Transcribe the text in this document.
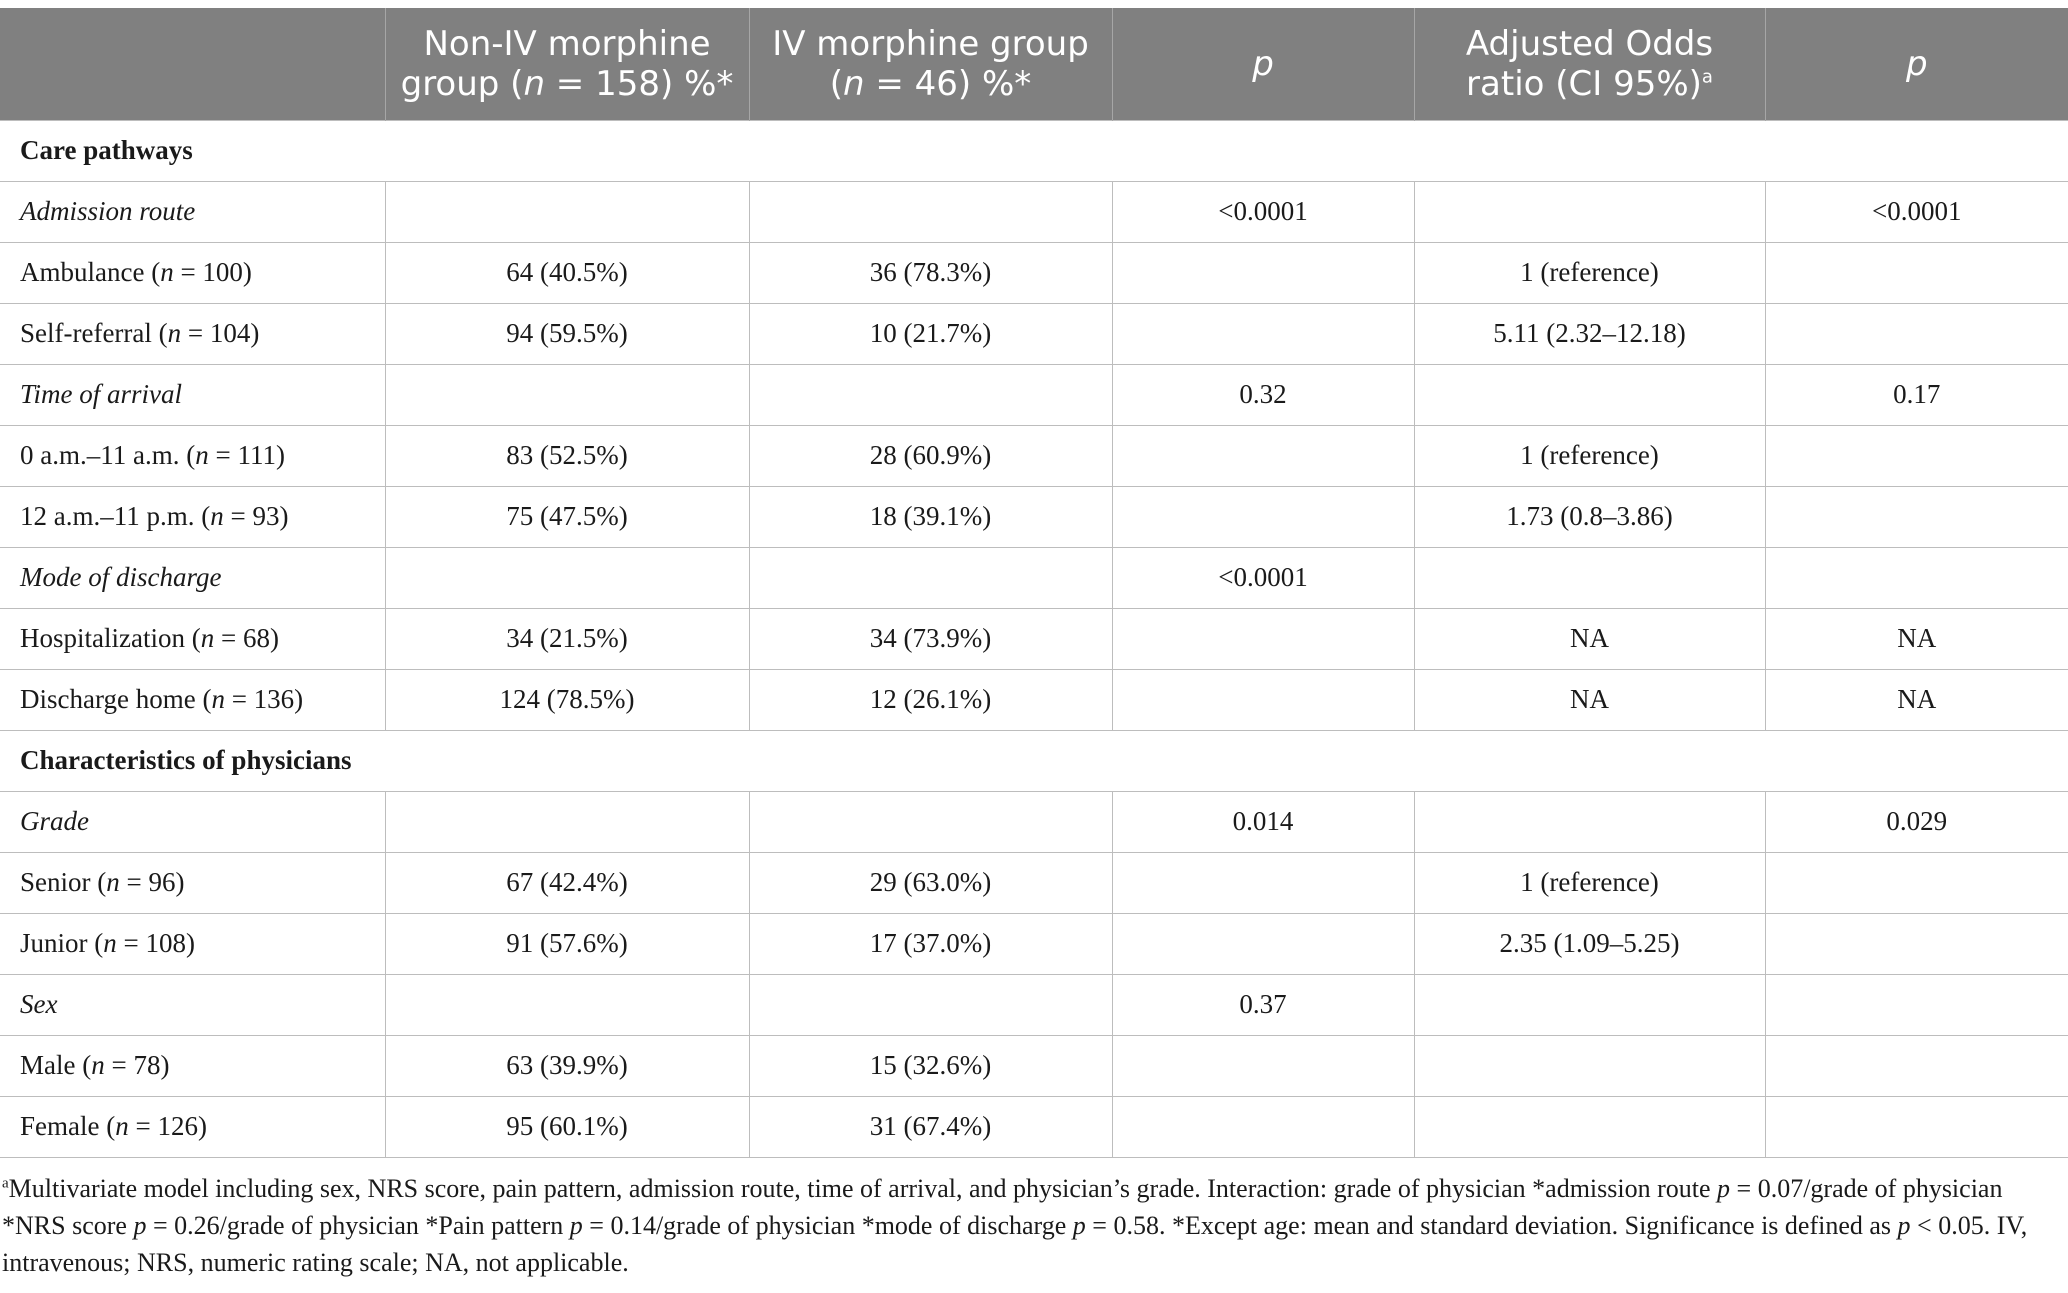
	Non-IV morphine group (n = 158) %*	IV morphine group (n = 46) %*	p	Adjusted Odds ratio (CI 95%)$^a$	p
Care pathways					
Admission route			<0.0001		<0.0001
Ambulance (n = 100)	64 (40.5%)	36 (78.3%)		1 (reference)	
Self-referral (n = 104)	94 (59.5%)	10 (21.7%)		5.11 (2.32–12.18)	
Time of arrival			0.32		0.17
0 a.m.–11 a.m. (n = 111)	83 (52.5%)	28 (60.9%)		1 (reference)	
12 a.m.–11 p.m. (n = 93)	75 (47.5%)	18 (39.1%)		1.73 (0.8–3.86)	
Mode of discharge			<0.0001		
Hospitalization (n = 68)	34 (21.5%)	34 (73.9%)		NA	NA
Discharge home (n = 136)	124 (78.5%)	12 (26.1%)		NA	NA
Characteristics of physicians					
Grade			0.014		0.029
Senior (n = 96)	67 (42.4%)	29 (63.0%)		1 (reference)	
Junior (n = 108)	91 (57.6%)	17 (37.0%)		2.35 (1.09–5.25)	
Sex			0.37		
Male (n = 78)	63 (39.9%)	15 (32.6%)			
Female (n = 126)	95 (60.1%)	31 (67.4%)			
$^a$Multivariate model including sex, NRS score, pain pattern, admission route, time of arrival, and physician’s grade. Interaction: grade of physician *admission route p = 0.07/grade of physician *NRS score p = 0.26/grade of physician *Pain pattern p = 0.14/grade of physician *mode of discharge p = 0.58. *Except age: mean and standard deviation. Significance is defined as p < 0.05. IV, intravenous; NRS, numeric rating scale; NA, not applicable.
